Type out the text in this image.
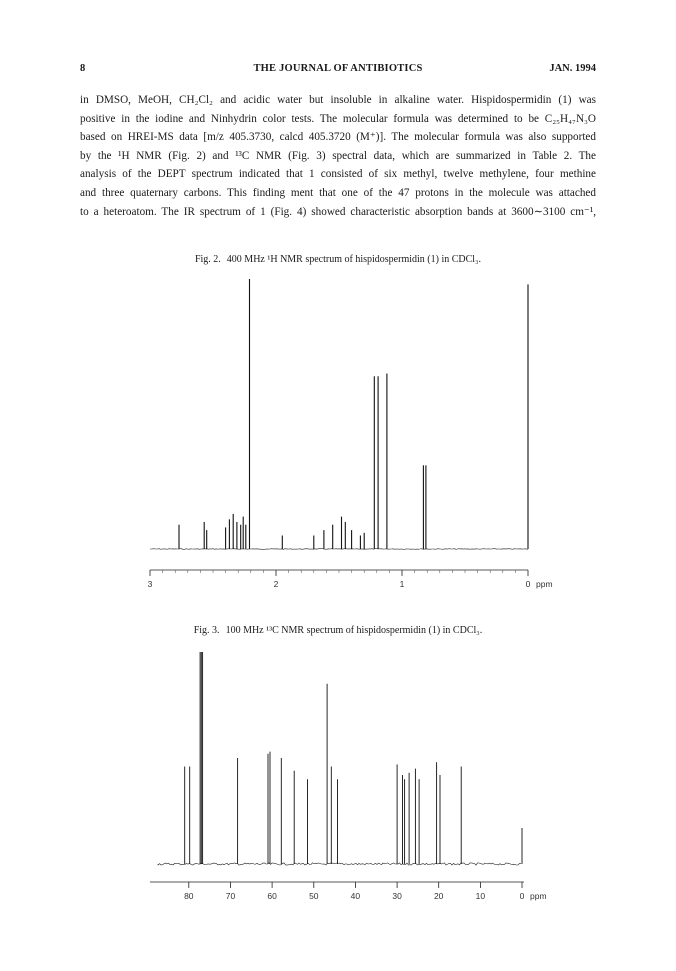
8	THE JOURNAL OF ANTIBIOTICS	JAN. 1994
in DMSO, MeOH, CH₂Cl₂ and acidic water but insoluble in alkaline water. Hispidospermidin (1) was
positive in the iodine and Ninhydrin color tests. The molecular formula was determined to be C₂₅H₄₇N₃O
based on HREI-MS data [m/z 405.3730, calcd 405.3720 (M⁺)]. The molecular formula was also supported
by the ¹H NMR (Fig. 2) and ¹³C NMR (Fig. 3) spectral data, which are summarized in Table 2. The
analysis of the DEPT spectrum indicated that 1 consisted of six methyl, twelve methylene, four methine
and three quaternary carbons. This finding ment that one of the 47 protons in the molecule was attached
to a heteroatom. The IR spectrum of 1 (Fig. 4) showed characteristic absorption bands at 3600∼3100 cm⁻¹,
Fig. 2. 400 MHz ¹H NMR spectrum of hispidospermidin (1) in CDCl₃.
Fig. 3. 100 MHz ¹³C NMR spectrum of hispidospermidin (1) in CDCl₃.
3	2	1	0 ppm
80	70	60	50	40	30	20	10	0 ppm
